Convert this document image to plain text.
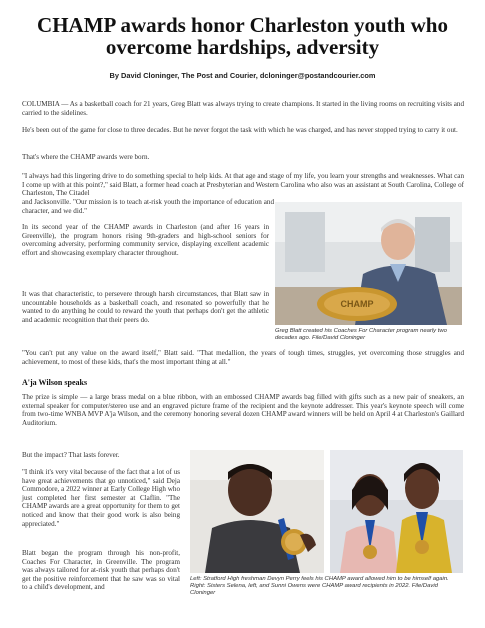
CHAMP awards honor Charleston youth who overcome hardships, adversity
By David Cloninger, The Post and Courier, dcloninger@postandcourier.com

COLUMBIA — As a basketball coach for 21 years, Greg Blatt was always trying to create champions. It started in the living rooms on recruiting visits and carried to the sidelines.

He's been out of the game for close to three decades. But he never forgot the task with which he was charged, and has never stopped trying to carry it out.

That's where the CHAMP awards were born.

"I always had this lingering drive to do something special to help kids. At that age and stage of my life, you learn your strengths and weaknesses. What can I come up with at this point?," said Blatt, a former head coach at Presbyterian and Western Carolina who also was an assistant at South Carolina, College of Charleston, The Citadel

and Jacksonville. "Our mission is to teach at-risk youth the importance of education and character, and we did."

In its second year of the CHAMP awards in Charleston (and after 16 years in Greenville), the program honors rising 9th-graders and high-school seniors for overcoming adversity, performing community service, displaying excellent academic effort and showcasing exemplary character throughout.

It was that characteristic, to persevere through harsh circumstances, that Blatt saw in uncountable households as a basketball coach, and resonated so powerfully that he wanted to do anything he could to reward the youth that perhaps don't get the athletic and academic recognition that their peers do.

CHAMP
Greg Blatt created his Coaches For Character program nearly two decades ago. File/David Cloninger

"You can't put any value on the award itself," Blatt said. "That medallion, the years of tough times, struggles, yet overcoming those struggles and achievement, to most of these kids, that's the most important thing at all."

A'ja Wilson speaks

The prize is simple — a large brass medal on a blue ribbon, with an embossed CHAMP awards bag filled with gifts such as a new pair of sneakers, an external speaker for computer/stereo use and an engraved picture frame of the recipient and the keynote addresser. This year's keynote speech will come from two-time WNBA MVP A'ja Wilson, and the ceremony honoring several dozen CHAMP award winners will be held on April 4 at Charleston's Gaillard Auditorium.

But the impact? That lasts forever.

"I think it's very vital because of the fact that a lot of us have great achievements that go unnoticed," said Deja Commodore, a 2022 winner at Early College High who just completed her first semester at Claflin. "The CHAMP awards are a great opportunity for them to get noticed and know that their good work is also being appreciated."

Blatt began the program through his non-profit, Coaches For Character, in Greenville. The program was always tailored for at-risk youth that perhaps don't get the positive reinforcement that he saw was so vital to a child's development, and

Left: Stratford High freshman Devyn Perry feels his CHAMP award allowed him to be himself again. Right: Sisters Selena, left, and Sunni Owens were CHAMP award recipients in 2022. File/David Cloninger
